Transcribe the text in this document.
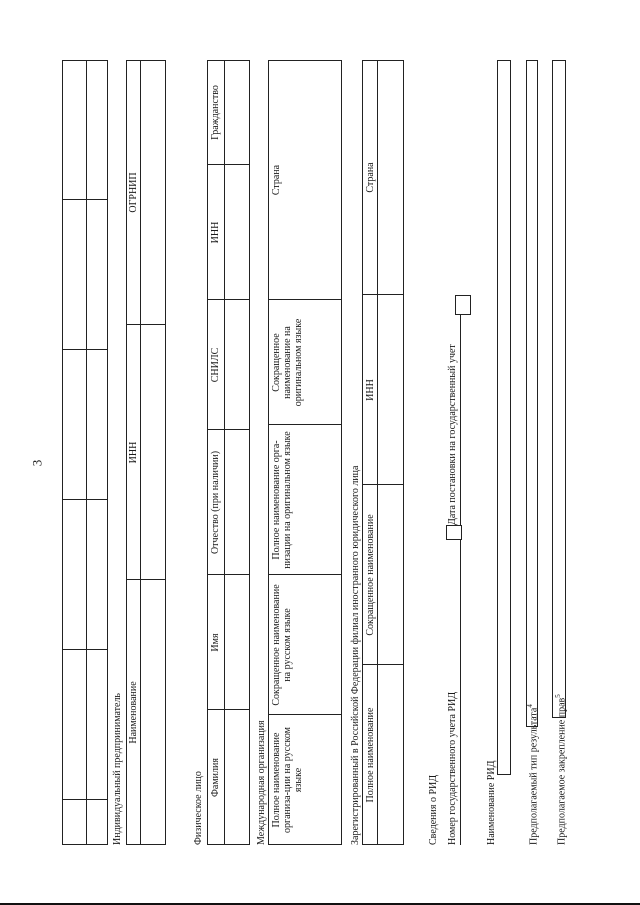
3
Индивидуальный предприниматель Наименование
ИНН
ОГРНИП
Физическое лицо Фамилия
Имя
Отчество (при наличии)
СНИЛС
ИНН
Гражданство
Международная организация Полное наименование организа-ции на русском языке
Сокращенное наименование на русском языке
Полное наименование орга-низации на оригинальном языке
Сокращенное наименование на оригинальном языке
Страна
Зарегистрированный в Российской Федерации филиал иностранного юридического лица Полное наименование
Сокращенное наименование
ИНН
Страна
Сведения о РИД Номер государственного учета РИД
Дата постановки на государственный учет
Наименование РИД	Предполагаемый тип результата$^4$	Предполагаемое закрепление прав$^5$
